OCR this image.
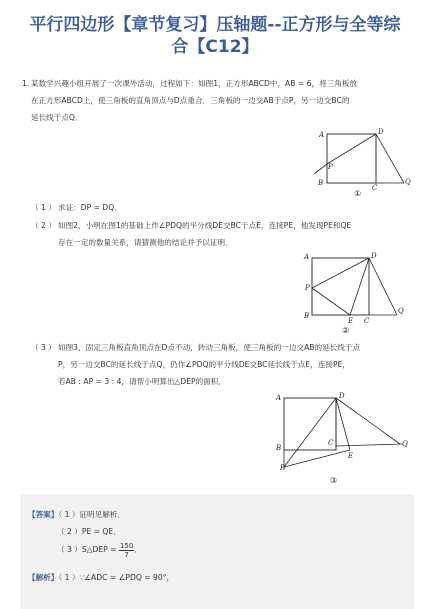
平行四边形【章节复习】压轴题--正方形与全等综
合【C12】
1. 某数学兴趣小组开展了一次课外活动，过程如下：如图1，正方形ABCD中，AB = 6，将三角板放
在正方形ABCD上，使三角板的直角顶点与D点重合．三角板的一边交AB于点P，另一边交BC的
延长线于点Q．
A	D
P
B
C
Q
①
（ 1 ） 求证：DP = DQ．
（ 2 ） 如图2，小明在图1的基础上作∠PDQ的平分线DE交BC于点E，连接PE，他发现PE和QE
存在一定的数量关系，请猜测他的结论并予以证明．
A	D
P
B
E C
Q
②
（ 3 ） 如图3，固定三角板直角顶点在D点不动，转动三角板，使三角板的一边交AB的延长线于点
P，另一边交BC的延长线于点Q，仍作∠PDQ的平分线DE交BC延长线于点E，连接PE，
若AB : AP = 3 : 4，请帮小明算出△DEP的面积．
A	D
C
B
E
Q
P
③
【答案】（ 1 ）证明见解析．
（ 2 ）PE = QE．
（ 3 ）S△DEP = $\frac{150}{7}$ ．
【解析】（ 1 ）∵∠ADC = ∠PDQ = 90°，
